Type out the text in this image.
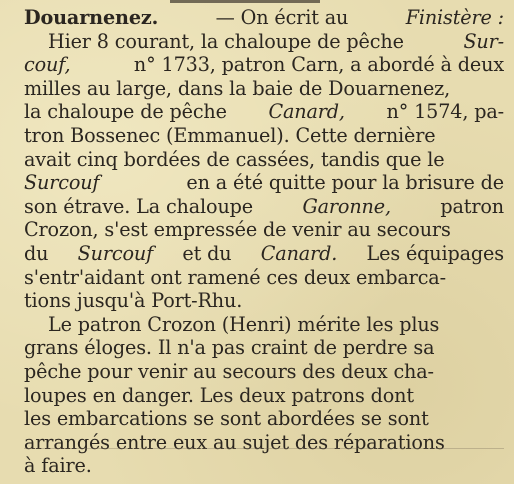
Douarnenez.	— On écrit au	Finistère :
Hier 8 courant, la chaloupe de pêche	Sur-
couf,	n° 1733, patron Carn, a abordé à deux
milles au large, dans la baie de Douarnenez,
la chaloupe de pêche Canard, n° 1574, pa-
tron Bossenec (Emmanuel). Cette dernière
avait cinq bordées de cassées, tandis que le
Surcouf	en a été quitte pour la brisure de
son étrave. La chaloupe	Garonne,	patron
Crozon, s'est empressée de venir au secours
du Surcouf et du Canard. Les équipages
s'entr'aidant ont ramené ces deux embarca-
tions jusqu'à Port-Rhu.
Le patron Crozon (Henri) mérite les plus
grans éloges. Il n'a pas craint de perdre sa
pêche pour venir au secours des deux cha-
loupes en danger. Les deux patrons dont
les embarcations se sont abordées se sont
arrangés entre eux au sujet des réparations
à faire.
